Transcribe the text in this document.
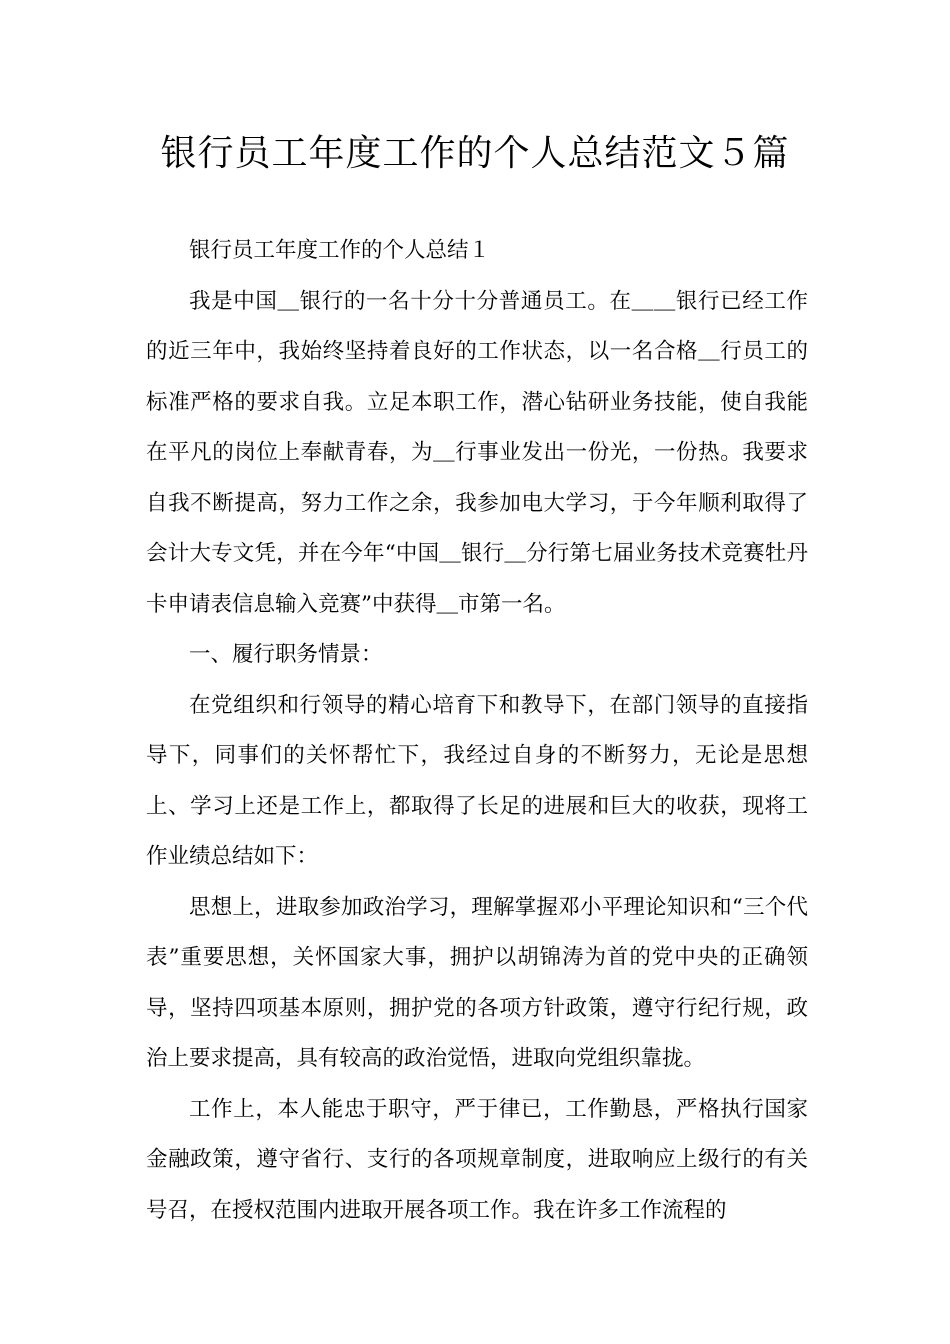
银行员工年度工作的个人总结范文５篇

银行员工年度工作的个人总结１

我是中国＿银行的一名十分十分普通员工。在＿＿银行已经工作的近三年中，我始终坚持着良好的工作状态，以一名合格＿行员工的标准严格的要求自我。立足本职工作，潜心钻研业务技能，使自我能在平凡的岗位上奉献青春，为＿行事业发出一份光，一份热。我要求自我不断提高，努力工作之余，我参加电大学习，于今年顺利取得了会计大专文凭，并在今年“中国＿银行＿分行第七届业务技术竞赛牡丹卡申请表信息输入竞赛”中获得＿市第一名。

一、履行职务情景：

在党组织和行领导的精心培育下和教导下，在部门领导的直接指导下，同事们的关怀帮忙下，我经过自身的不断努力，无论是思想上、学习上还是工作上，都取得了长足的进展和巨大的收获，现将工作业绩总结如下：

思想上，进取参加政治学习，理解掌握邓小平理论知识和“三个代表”重要思想，关怀国家大事，拥护以胡锦涛为首的党中央的正确领导，坚持四项基本原则，拥护党的各项方针政策，遵守行纪行规，政治上要求提高，具有较高的政治觉悟，进取向党组织靠拢。

工作上，本人能忠于职守，严于律已，工作勤恳，严格执行国家金融政策，遵守省行、支行的各项规章制度，进取响应上级行的有关号召，在授权范围内进取开展各项工作。我在许多工作流程的
